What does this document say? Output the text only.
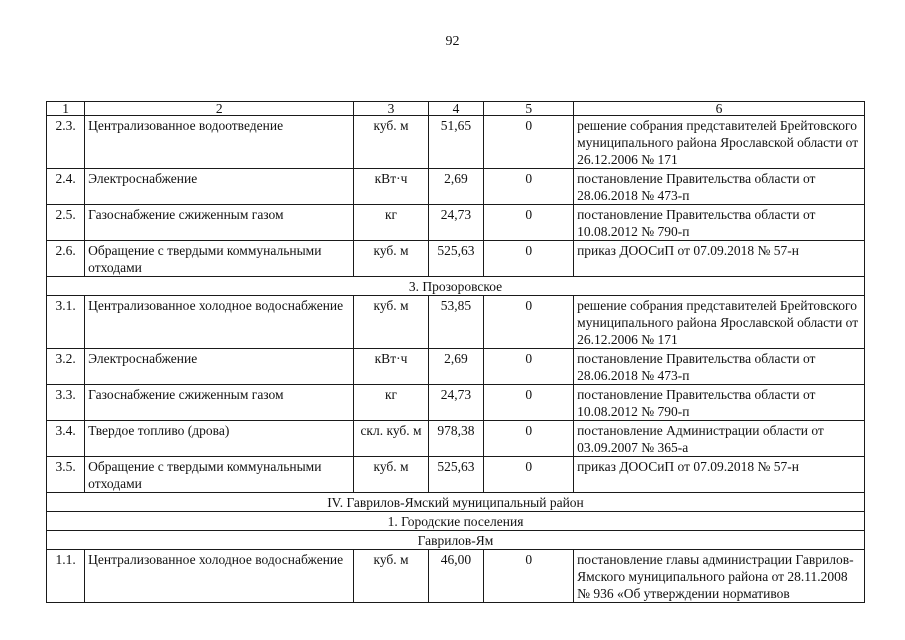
92
1	2	3	4	5	6
2.3.	Централизованное водоотведение	куб. м	51,65	0	решение собрания представителей Брейтовского муниципального района Ярославской области от 26.12.2006 № 171
2.4.	Электроснабжение	кВт·ч	2,69	0	постановление Правительства области от 28.06.2018 № 473-п
2.5.	Газоснабжение сжиженным газом	кг	24,73	0	постановление Правительства области от 10.08.2012 № 790-п
2.6.	Обращение с твердыми коммунальными отходами	куб. м	525,63	0	приказ ДООСиП от 07.09.2018 № 57-н
3. Прозоровское					
3.1.	Централизованное холодное водоснабжение	куб. м	53,85	0	решение собрания представителей Брейтовского муниципального района Ярославской области от 26.12.2006 № 171
3.2.	Электроснабжение	кВт·ч	2,69	0	постановление Правительства области от 28.06.2018 № 473-п
3.3.	Газоснабжение сжиженным газом	кг	24,73	0	постановление Правительства области от 10.08.2012 № 790-п
3.4.	Твердое топливо (дрова)	скл. куб. м	978,38	0	постановление Администрации области от 03.09.2007 № 365-а
3.5.	Обращение с твердыми коммунальными отходами	куб. м	525,63	0	приказ ДООСиП от 07.09.2018 № 57-н
IV. Гаврилов-Ямский муниципальный район					
1. Городские поселения					
Гаврилов-Ям					
1.1.	Централизованное холодное водоснабжение	куб. м	46,00	0	постановление главы администрации Гаврилов-Ямского муниципального района от 28.11.2008 № 936 «Об утверждении нормативов
